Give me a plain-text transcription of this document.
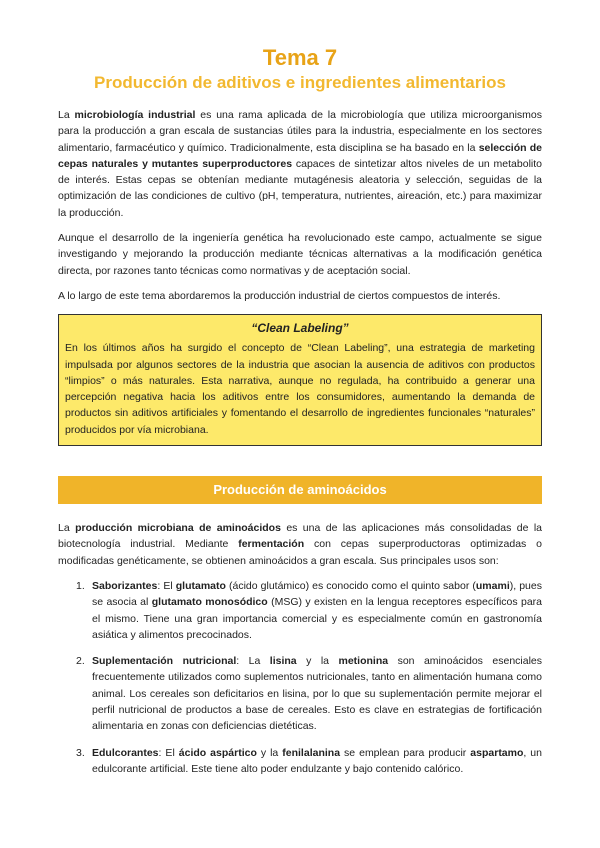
Tema 7
Producción de aditivos e ingredientes alimentarios

La microbiología industrial es una rama aplicada de la microbiología que utiliza microorganismos para la producción a gran escala de sustancias útiles para la industria, especialmente en los sectores alimentario, farmacéutico y químico. Tradicionalmente, esta disciplina se ha basado en la selección de cepas naturales y mutantes superproductores capaces de sintetizar altos niveles de un metabolito de interés. Estas cepas se obtenían mediante mutagénesis aleatoria y selección, seguidas de la optimización de las condiciones de cultivo (pH, temperatura, nutrientes, aireación, etc.) para maximizar la producción.

Aunque el desarrollo de la ingeniería genética ha revolucionado este campo, actualmente se sigue investigando y mejorando la producción mediante técnicas alternativas a la modificación genética directa, por razones tanto técnicas como normativas y de aceptación social.

A lo largo de este tema abordaremos la producción industrial de ciertos compuestos de interés.

“Clean Labeling”

En los últimos años ha surgido el concepto de “Clean Labeling”, una estrategia de marketing impulsada por algunos sectores de la industria que asocian la ausencia de aditivos con productos “limpios” o más naturales. Esta narrativa, aunque no regulada, ha contribuido a generar una percepción negativa hacia los aditivos entre los consumidores, aumentando la demanda de productos sin aditivos artificiales y fomentando el desarrollo de ingredientes funcionales “naturales” producidos por vía microbiana.

Producción de aminoácidos

La producción microbiana de aminoácidos es una de las aplicaciones más consolidadas de la biotecnología industrial. Mediante fermentación con cepas superproductoras optimizadas o modificadas genéticamente, se obtienen aminoácidos a gran escala. Sus principales usos son:

1. Saborizantes: El glutamato (ácido glutámico) es conocido como el quinto sabor (umami), pues se asocia al glutamato monosódico (MSG) y existen en la lengua receptores específicos para el mismo. Tiene una gran importancia comercial y es especialmente común en gastronomía asiática y alimentos precocinados.
2. Suplementación nutricional: La lisina y la metionina son aminoácidos esenciales frecuentemente utilizados como suplementos nutricionales, tanto en alimentación humana como animal. Los cereales son deficitarios en lisina, por lo que su suplementación permite mejorar el perfil nutricional de productos a base de cereales. Esto es clave en estrategias de fortificación alimentaria en zonas con deficiencias dietéticas.
3. Edulcorantes: El ácido aspártico y la fenilalanina se emplean para producir aspartamo, un edulcorante artificial. Este tiene alto poder endulzante y bajo contenido calórico.
